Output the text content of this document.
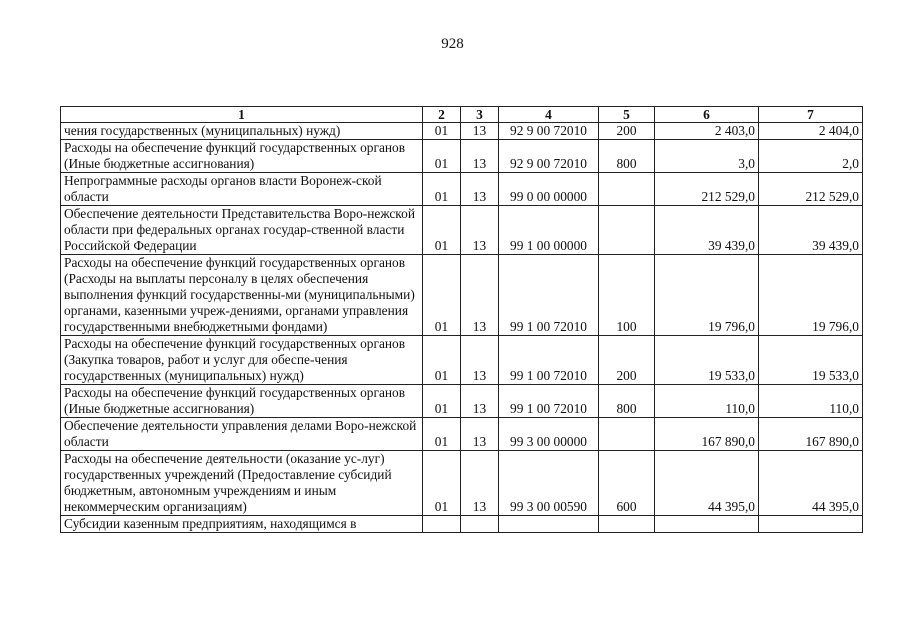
928
1	2	3	4	5	6	7
чения государственных (муниципальных) нужд)	01	13	92 9 00 72010	200	2 403,0	2 404,0
Расходы на обеспечение функций государственных органов (Иные бюджетные ассигнования)	01	13	92 9 00 72010	800	3,0	2,0
Непрограммные расходы органов власти Воронеж-ской области	01	13	99 0 00 00000		212 529,0	212 529,0
Обеспечение деятельности Представительства Воро-нежской области при федеральных органах государ-ственной власти Российской Федерации	01	13	99 1 00 00000		39 439,0	39 439,0
Расходы на обеспечение функций государственных органов (Расходы на выплаты персоналу в целях обеспечения выполнения функций государственны-ми (муниципальными) органами, казенными учреж-дениями, органами управления государственными внебюджетными фондами)	01	13	99 1 00 72010	100	19 796,0	19 796,0
Расходы на обеспечение функций государственных органов (Закупка товаров, работ и услуг для обеспе-чения государственных (муниципальных) нужд)	01	13	99 1 00 72010	200	19 533,0	19 533,0
Расходы на обеспечение функций государственных органов (Иные бюджетные ассигнования)	01	13	99 1 00 72010	800	110,0	110,0
Обеспечение деятельности управления делами Воро-нежской области	01	13	99 3 00 00000		167 890,0	167 890,0
Расходы на обеспечение деятельности (оказание ус-луг) государственных учреждений (Предоставление субсидий бюджетным, автономным учреждениям и иным некоммерческим организациям)	01	13	99 3 00 00590	600	44 395,0	44 395,0
Субсидии казенным предприятиям, находящимся в						
